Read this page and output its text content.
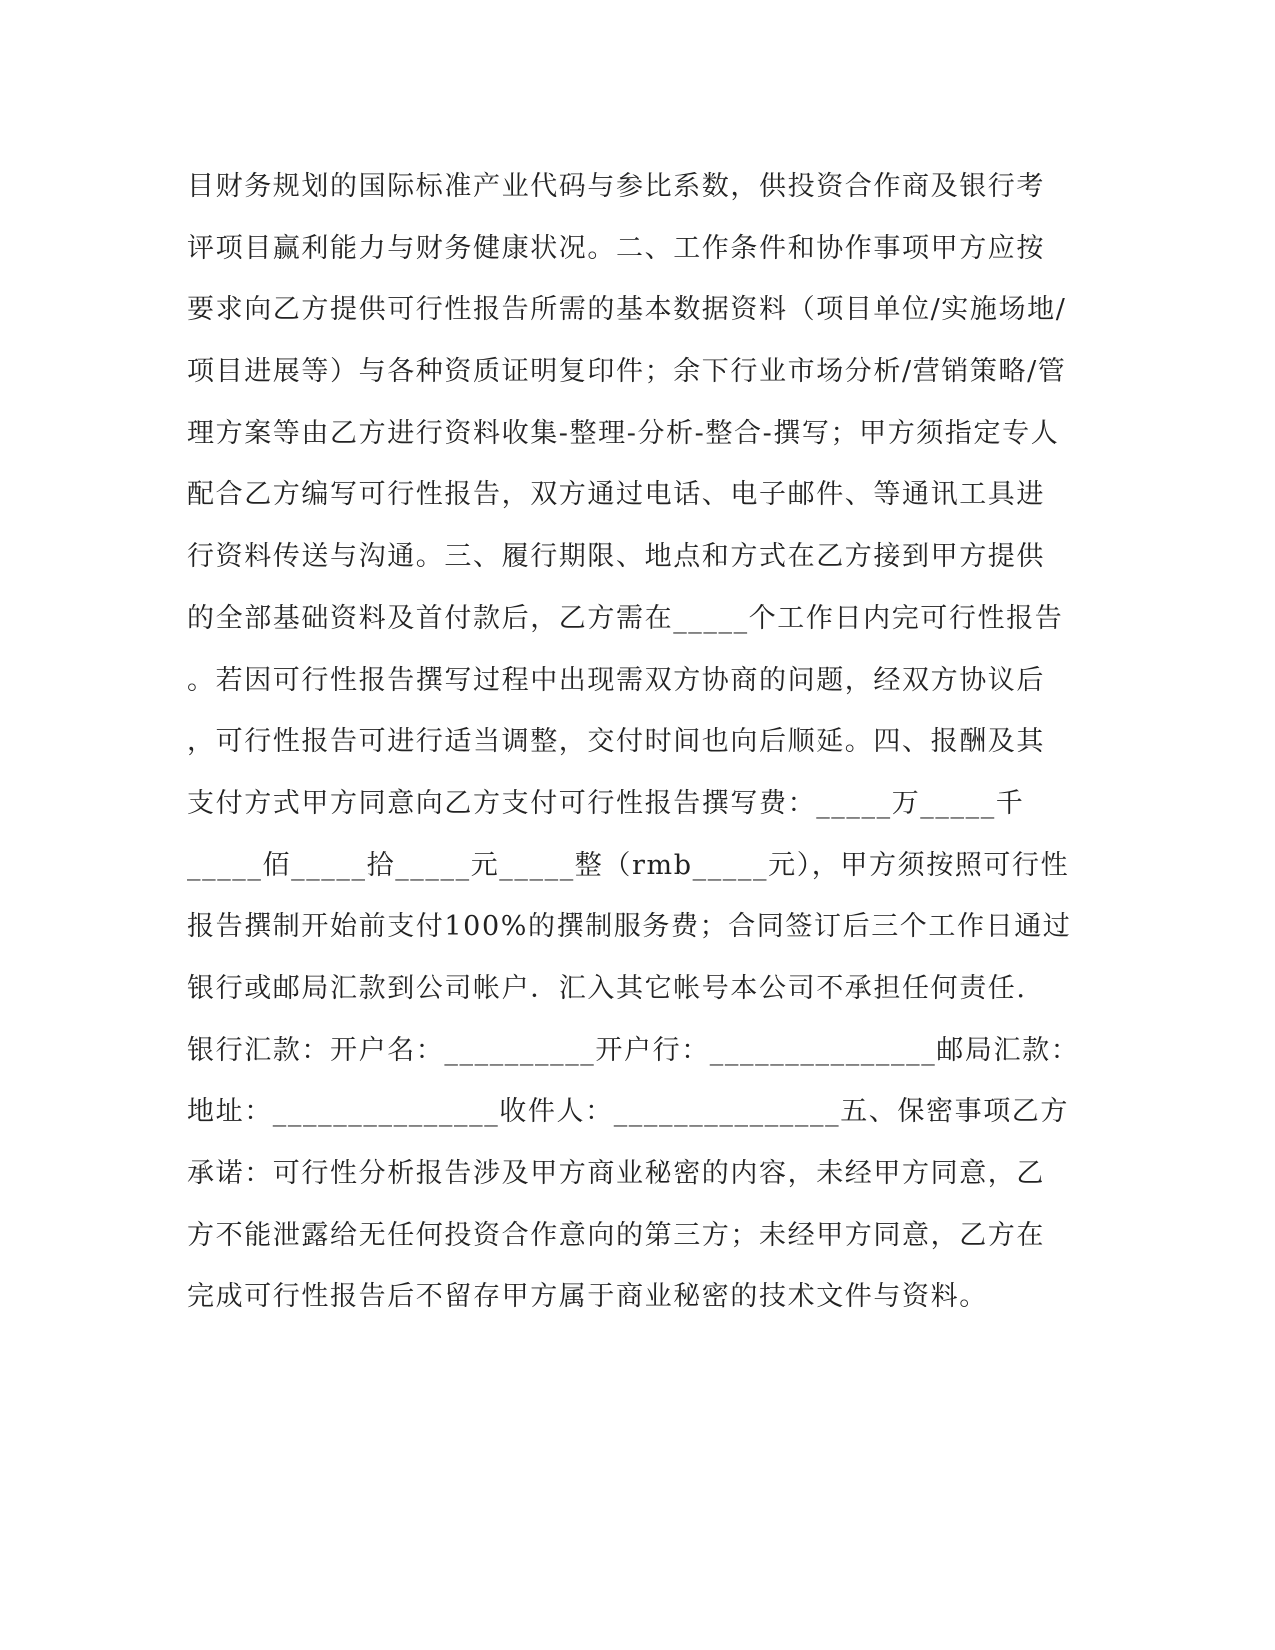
目财务规划的国际标准产业代码与参比系数，供投资合作商及银行考
评项目赢利能力与财务健康状况。二、工作条件和协作事项甲方应按
要求向乙方提供可行性报告所需的基本数据资料（项目单位/实施场地/
项目进展等）与各种资质证明复印件；余下行业市场分析/营销策略/管
理方案等由乙方进行资料收集-整理-分析-整合-撰写；甲方须指定专人
配合乙方编写可行性报告，双方通过电话、电子邮件、等通讯工具进
行资料传送与沟通。三、履行期限、地点和方式在乙方接到甲方提供
的全部基础资料及首付款后，乙方需在_____个工作日内完可行性报告
。若因可行性报告撰写过程中出现需双方协商的问题，经双方协议后
，可行性报告可进行适当调整，交付时间也向后顺延。四、报酬及其
支付方式甲方同意向乙方支付可行性报告撰写费：_____万_____千
_____佰_____拾_____元_____整（rmb_____元），甲方须按照可行性
报告撰制开始前支付100%的撰制服务费；合同签订后三个工作日通过
银行或邮局汇款到公司帐户．汇入其它帐号本公司不承担任何责任.
银行汇款：开户名：__________开户行：_______________邮局汇款：
地址：_______________收件人：_______________五、保密事项乙方
承诺：可行性分析报告涉及甲方商业秘密的内容，未经甲方同意，乙
方不能泄露给无任何投资合作意向的第三方；未经甲方同意，乙方在
完成可行性报告后不留存甲方属于商业秘密的技术文件与资料。
